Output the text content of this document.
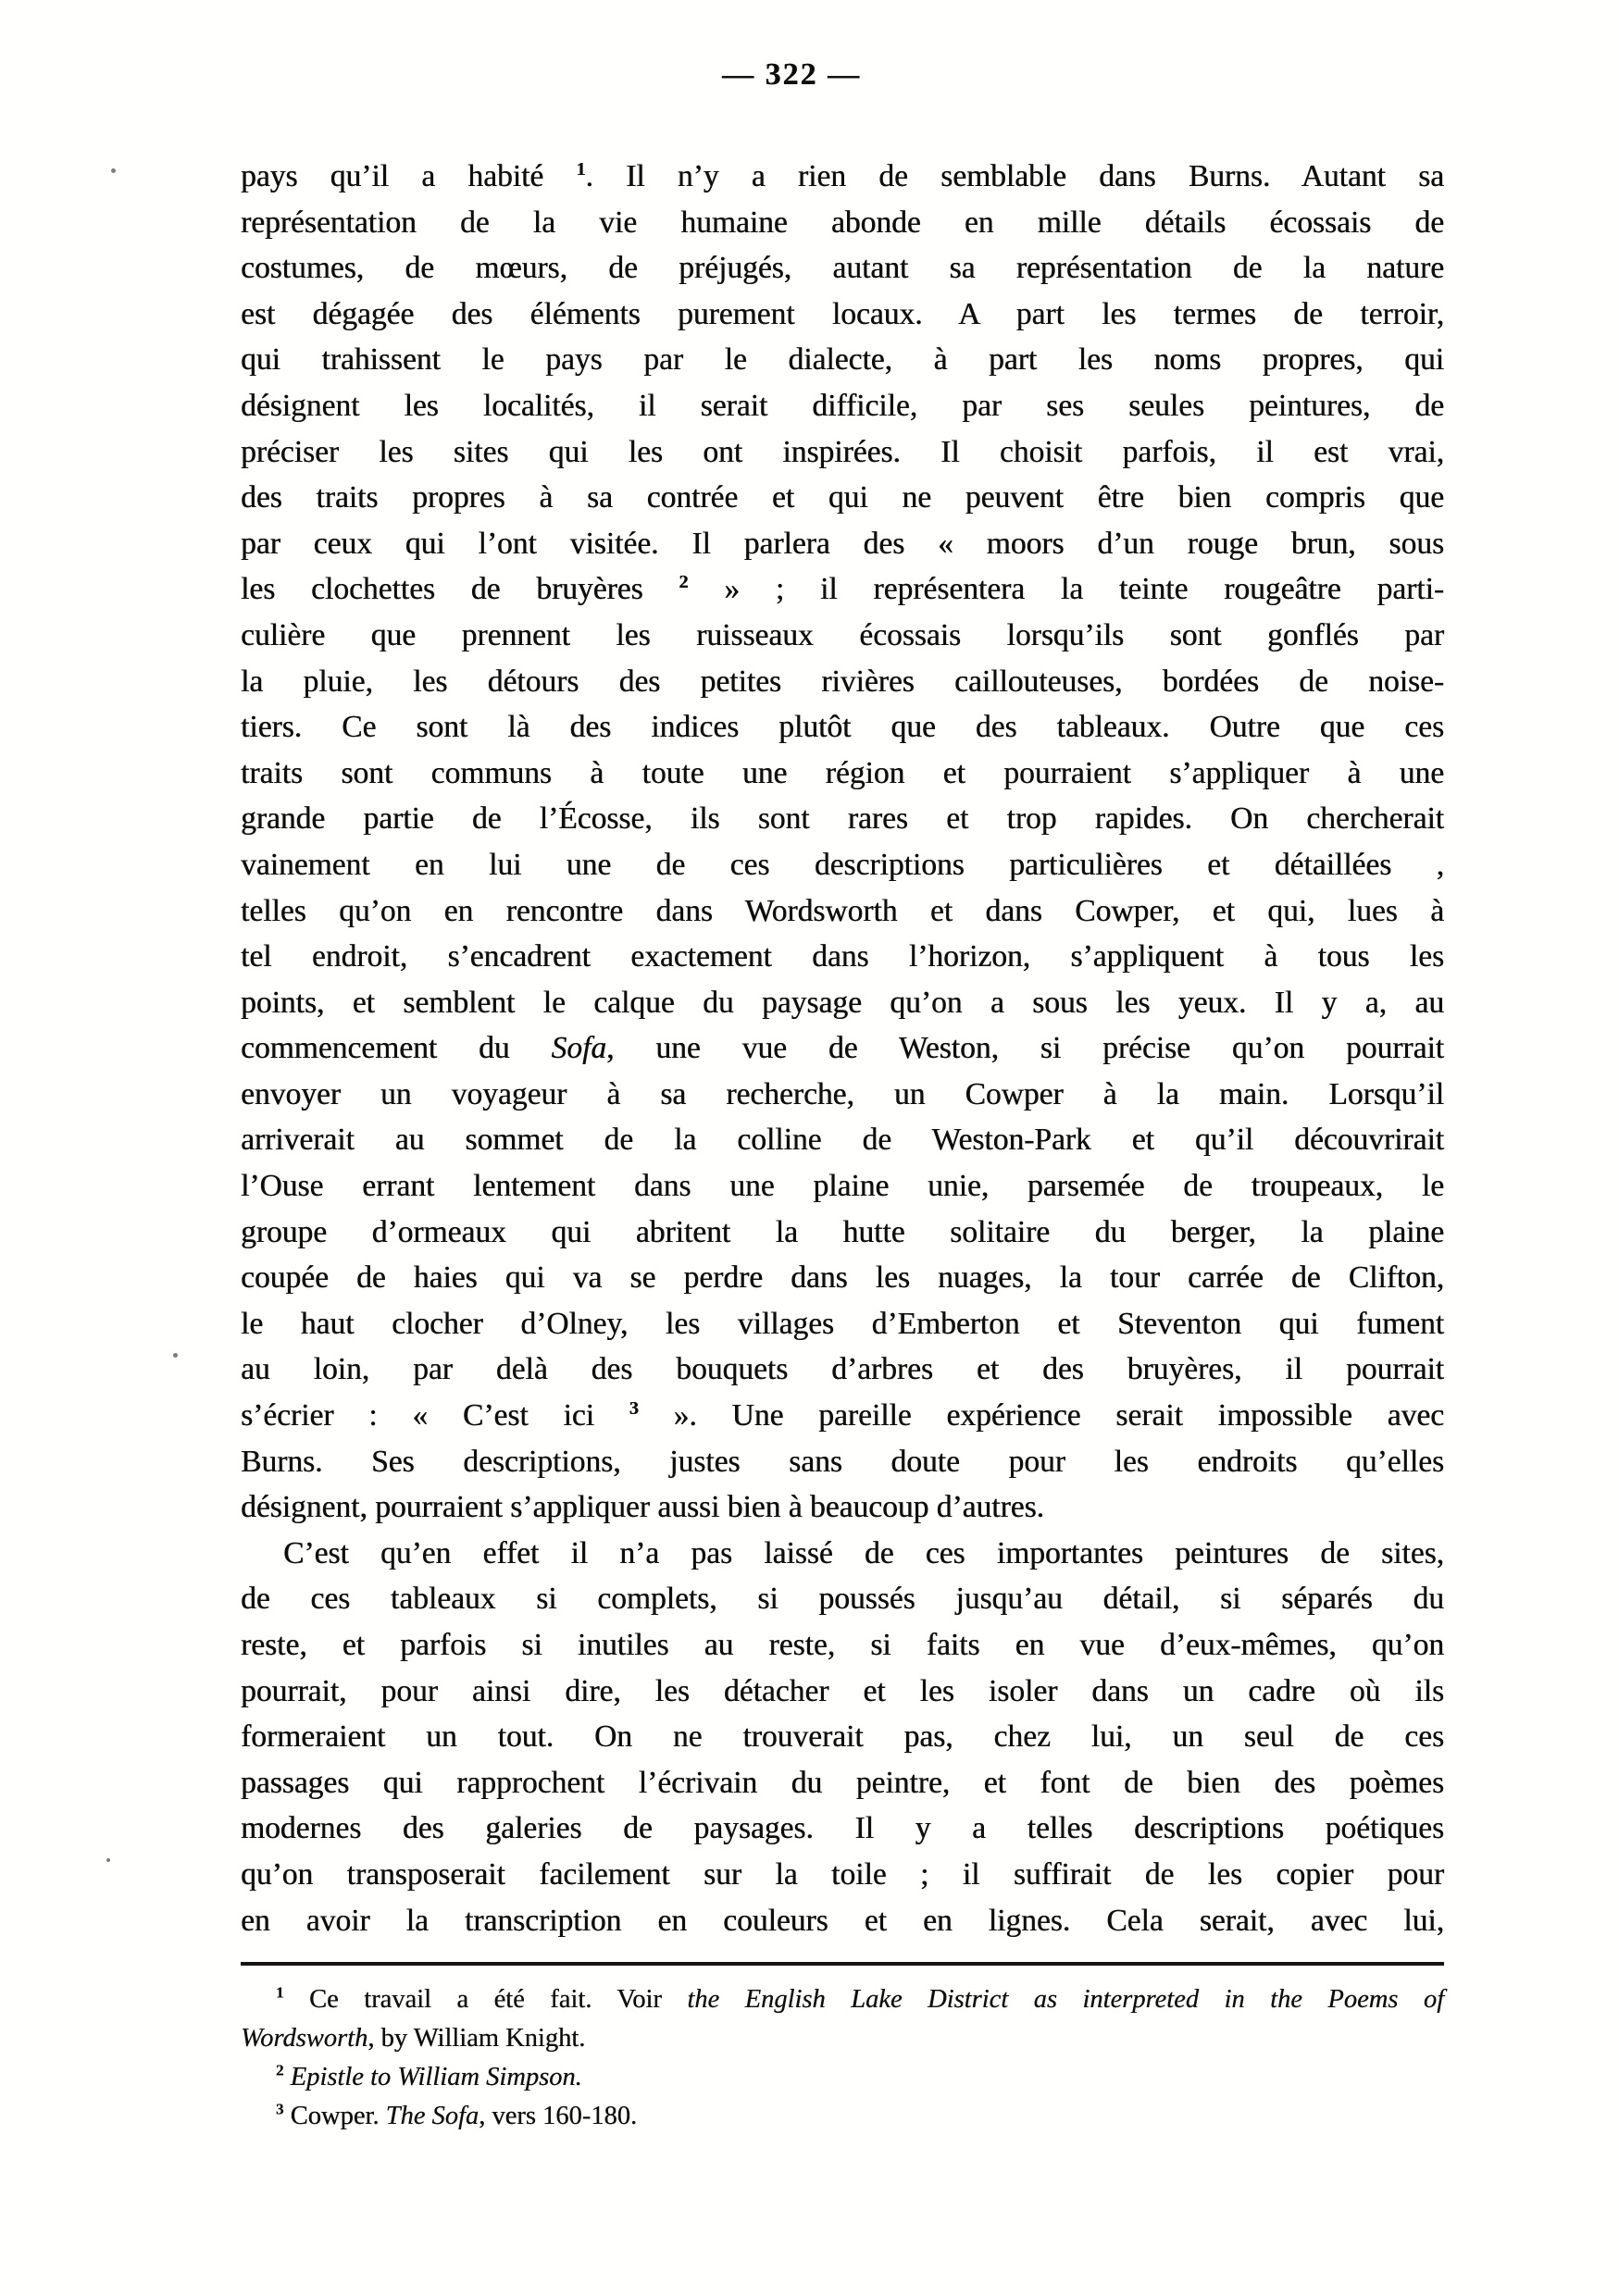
— 322 —
pays qu’il a habité $^1$. Il n’y a rien de semblable dans Burns. Autant sa
représentation de la vie humaine abonde en mille détails écossais de
costumes, de mœurs, de préjugés, autant sa représentation de la nature
est dégagée des éléments purement locaux. A part les termes de terroir,
qui trahissent le pays par le dialecte, à part les noms propres, qui
désignent les localités, il serait difficile, par ses seules peintures, de
préciser les sites qui les ont inspirées. Il choisit parfois, il est vrai,
des traits propres à sa contrée et qui ne peuvent être bien compris que
par ceux qui l’ont visitée. Il parlera des « moors d’un rouge brun, sous
les clochettes de bruyères $^2$ » ; il représentera la teinte rougeâtre parti-
culière que prennent les ruisseaux écossais lorsqu’ils sont gonflés par
la pluie, les détours des petites rivières caillouteuses, bordées de noise-
tiers. Ce sont là des indices plutôt que des tableaux. Outre que ces
traits sont communs à toute une région et pourraient s’appliquer à une
grande partie de l’Écosse, ils sont rares et trop rapides. On chercherait
vainement en lui une de ces descriptions particulières et détaillées ,
telles qu’on en rencontre dans Wordsworth et dans Cowper, et qui, lues à
tel endroit, s’encadrent exactement dans l’horizon, s’appliquent à tous les
points, et semblent le calque du paysage qu’on a sous les yeux. Il y a, au
commencement du Sofa, une vue de Weston, si précise qu’on pourrait
envoyer un voyageur à sa recherche, un Cowper à la main. Lorsqu’il
arriverait au sommet de la colline de Weston-Park et qu’il découvrirait
l’Ouse errant lentement dans une plaine unie, parsemée de troupeaux, le
groupe d’ormeaux qui abritent la hutte solitaire du berger, la plaine
coupée de haies qui va se perdre dans les nuages, la tour carrée de Clifton,
le haut clocher d’Olney, les villages d’Emberton et Steventon qui fument
au loin, par delà des bouquets d’arbres et des bruyères, il pourrait
s’écrier : « C’est ici $^3$ ». Une pareille expérience serait impossible avec
Burns. Ses descriptions, justes sans doute pour les endroits qu’elles
désignent, pourraient s’appliquer aussi bien à beaucoup d’autres.
C’est qu’en effet il n’a pas laissé de ces importantes peintures de sites,
de ces tableaux si complets, si poussés jusqu’au détail, si séparés du
reste, et parfois si inutiles au reste, si faits en vue d’eux-mêmes, qu’on
pourrait, pour ainsi dire, les détacher et les isoler dans un cadre où ils
formeraient un tout. On ne trouverait pas, chez lui, un seul de ces
passages qui rapprochent l’écrivain du peintre, et font de bien des poèmes
modernes des galeries de paysages. Il y a telles descriptions poétiques
qu’on transposerait facilement sur la toile ; il suffirait de les copier pour
en avoir la transcription en couleurs et en lignes. Cela serait, avec lui,
$^1$ Ce travail a été fait. Voir the English Lake District as interpreted in the Poems of
Wordsworth, by William Knight.
$^2$ Epistle to William Simpson.
$^3$ Cowper. The Sofa, vers 160-180.
